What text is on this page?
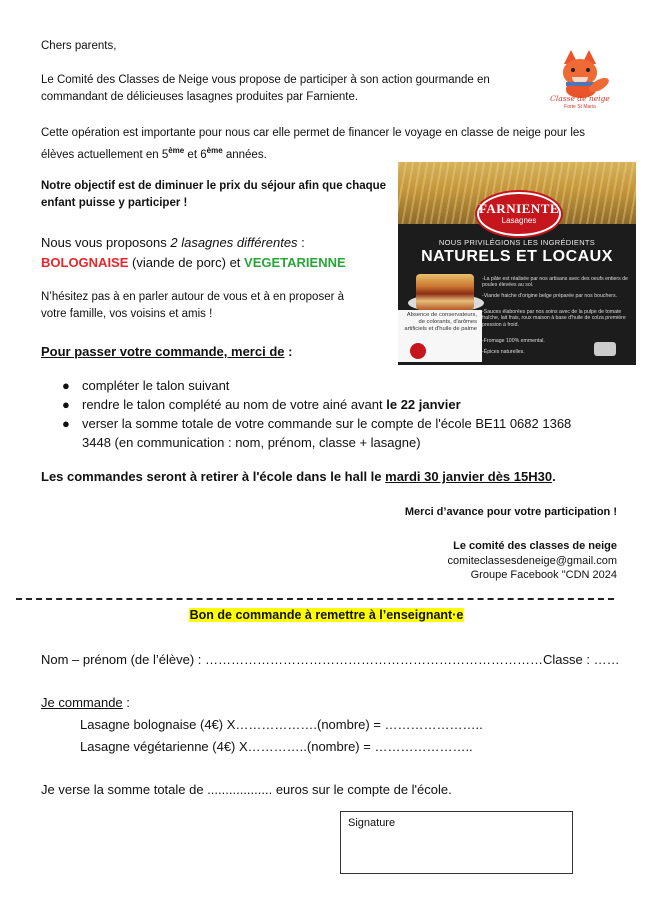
Chers parents,
Le Comité des Classes de Neige vous propose de participer à son action gourmande en
commandant de délicieuses lasagnes produites par Farniente.	Classe de neige
Forte St Maria
Cette opération est importante pour nous car elle permet de financer le voyage en classe de neige pour les
élèves actuellement en 5ème et 6ème années.
Notre objectif est de diminuer le prix du séjour afin que chaque
enfant puisse y participer !
Nous vous proposons 2 lasagnes différentes :
BOLOGNAISE (viande de porc) et VEGETARIENNE
N’hésitez pas à en parler autour de vous et à en proposer à
votre famille, vos voisins et amis !
FARNIENTE
Lasagnes
NOUS PRIVILÉGIONS LES INGRÉDIENTS
NATURELS ET LOCAUX
-La pâte est réalisée par nos artisans avec des oeufs entiers de poules élevées au sol.
-Viande fraiche d'origine belge préparée par nos bouchers.
-Sauces élaborées par nos soins avec de la pulpe de tomate fraîche, lait frais, roux maison à base d'huile de colza première pression à froid.
-Fromage 100% emmental.
-Épices naturelles.
Absence de conservateurs, de colorants, d'arômes artificiels et d'huile de palme
Pour passer votre commande, merci de :
● compléter le talon suivant
● rendre le talon complété au nom de votre ainé avant le 22 janvier
● verser la somme totale de votre commande sur le compte de l'école BE11 0682 1368
3448 (en communication : nom, prénom, classe + lasagne)
Les commandes seront à retirer à l'école dans le hall le mardi 30 janvier dès 15H30.
Merci d’avance pour votre participation !
Le comité des classes de neige
comiteclassesdeneige@gmail.com
Groupe Facebook "CDN 2024
Bon de commande à remettre à l’enseignant·e
Nom – prénom (de l’élève) : ……………………………………………………………………Classe : ……
Je commande :
Lasagne bolognaise (4€) X……………….(nombre) = …………………..
Lasagne végétarienne (4€) X…………..(nombre) = …………………..
Je verse la somme totale de .................. euros sur le compte de l'école.
Signature
